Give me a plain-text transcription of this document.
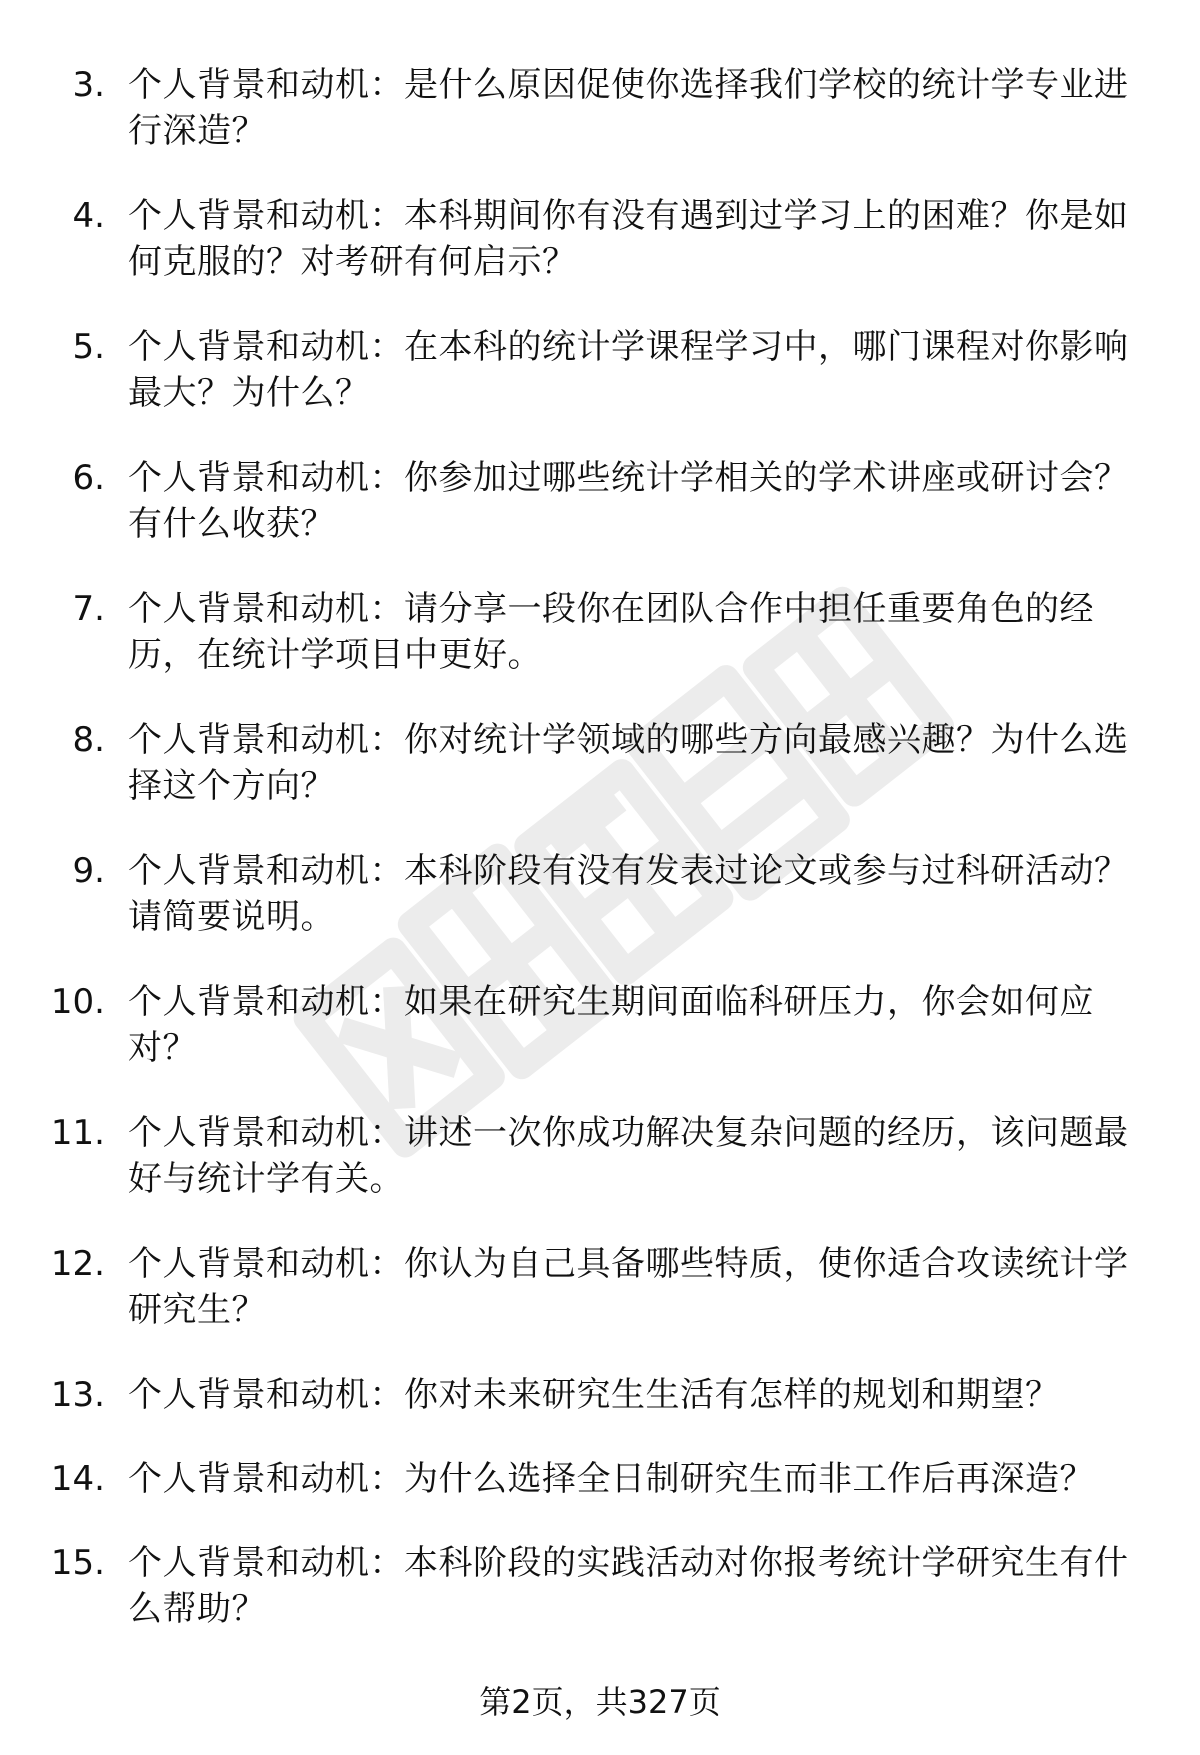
3. 个人背景和动机：是什么原因促使你选择我们学校的统计学专业进行深造？
4. 个人背景和动机：本科期间你有没有遇到过学习上的困难？你是如何克服的？对考研有何启示？
5. 个人背景和动机：在本科的统计学课程学习中，哪门课程对你影响最大？为什么？
6. 个人背景和动机：你参加过哪些统计学相关的学术讲座或研讨会？有什么收获？
7. 个人背景和动机：请分享一段你在团队合作中担任重要角色的经历，在统计学项目中更好。
8. 个人背景和动机：你对统计学领域的哪些方向最感兴趣？为什么选择这个方向？
9. 个人背景和动机：本科阶段有没有发表过论文或参与过科研活动？请简要说明。
10. 个人背景和动机：如果在研究生期间面临科研压力，你会如何应对？
11. 个人背景和动机：讲述一次你成功解决复杂问题的经历，该问题最好与统计学有关。
12. 个人背景和动机：你认为自己具备哪些特质，使你适合攻读统计学研究生？
13. 个人背景和动机：你对未来研究生生活有怎样的规划和期望？
14. 个人背景和动机：为什么选择全日制研究生而非工作后再深造？
15. 个人背景和动机：本科阶段的实践活动对你报考统计学研究生有什么帮助？
第2页，共327页
